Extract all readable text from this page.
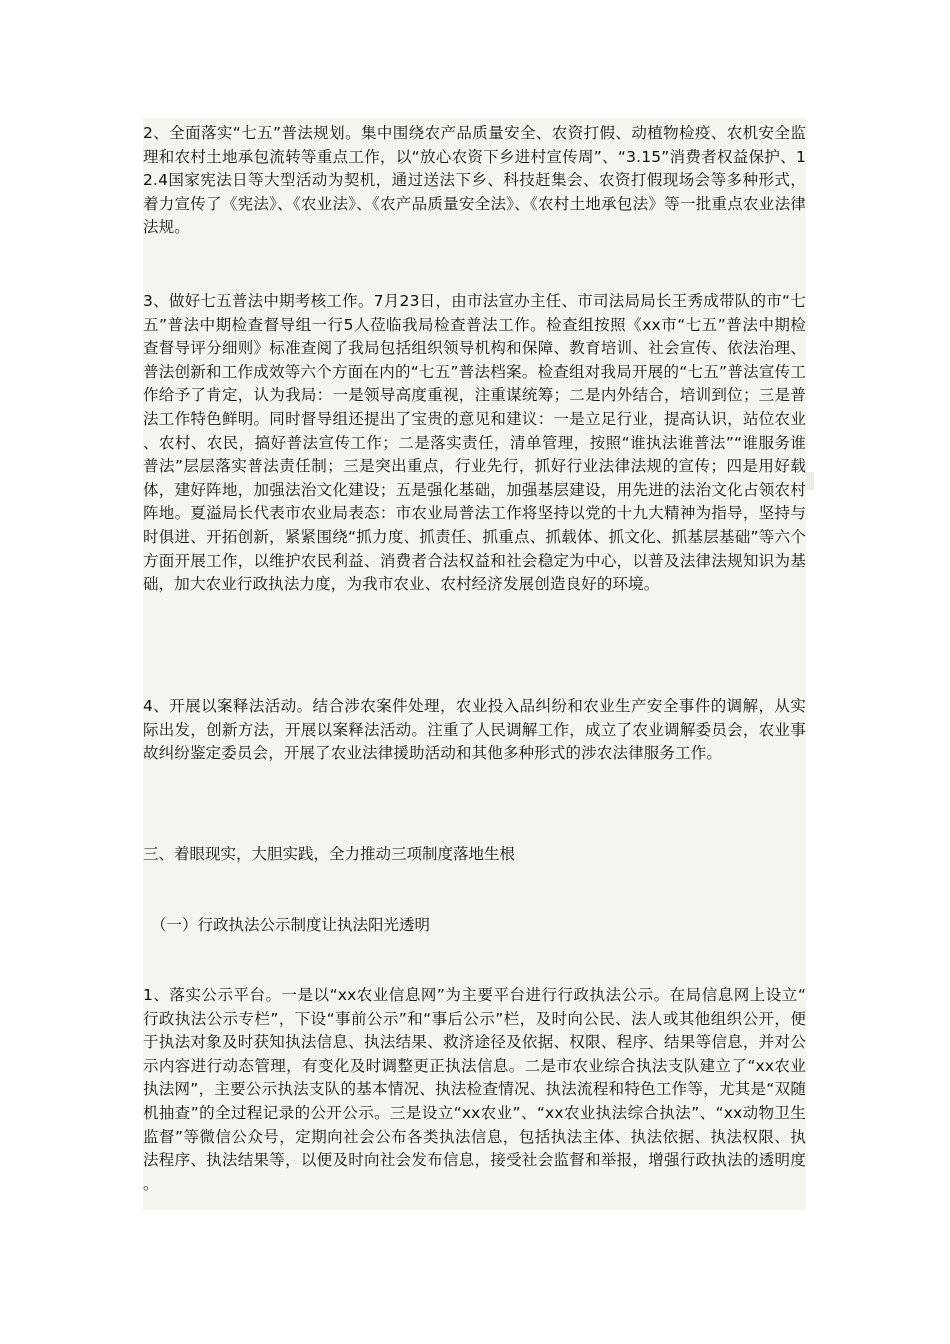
2、全面落实“七五”普法规划。集中围绕农产品质量安全、农资打假、动植物检疫、农机安全监理和农村土地承包流转等重点工作，以“放心农资下乡进村宣传周”、“3.15”消费者权益保护、12.4国家宪法日等大型活动为契机，通过送法下乡、科技赶集会、农资打假现场会等多种形式，着力宣传了《宪法》、《农业法》、《农产品质量安全法》、《农村土地承包法》等一批重点农业法律法规。

3、做好七五普法中期考核工作。7月23日，由市法宣办主任、市司法局局长王秀成带队的市“七五”普法中期检查督导组一行5人莅临我局检查普法工作。检查组按照《xx市“七五”普法中期检查督导评分细则》标准查阅了我局包括组织领导机构和保障、教育培训、社会宣传、依法治理、普法创新和工作成效等六个方面在内的“七五”普法档案。检查组对我局开展的“七五”普法宣传工作给予了肯定，认为我局：一是领导高度重视，注重谋统筹；二是内外结合，培训到位；三是普法工作特色鲜明。同时督导组还提出了宝贵的意见和建议：一是立足行业，提高认识，站位农业、农村、农民，搞好普法宣传工作；二是落实责任，清单管理，按照“谁执法谁普法”“谁服务谁普法”层层落实普法责任制；三是突出重点，行业先行，抓好行业法律法规的宣传；四是用好载体，建好阵地，加强法治文化建设；五是强化基础，加强基层建设，用先进的法治文化占领农村阵地。夏溢局长代表市农业局表态：市农业局普法工作将坚持以党的十九大精神为指导，坚持与时俱进、开拓创新，紧紧围绕“抓力度、抓责任、抓重点、抓载体、抓文化、抓基层基础”等六个方面开展工作，以维护农民利益、消费者合法权益和社会稳定为中心，以普及法律法规知识为基础，加大农业行政执法力度，为我市农业、农村经济发展创造良好的环境。

4、开展以案释法活动。结合涉农案件处理，农业投入品纠纷和农业生产安全事件的调解，从实际出发，创新方法，开展以案释法活动。注重了人民调解工作，成立了农业调解委员会，农业事故纠纷鉴定委员会，开展了农业法律援助活动和其他多种形式的涉农法律服务工作。

三、着眼现实，大胆实践，全力推动三项制度落地生根

（一）行政执法公示制度让执法阳光透明

1、落实公示平台。一是以“xx农业信息网”为主要平台进行行政执法公示。在局信息网上设立“行政执法公示专栏”，下设“事前公示”和“事后公示”栏，及时向公民、法人或其他组织公开，便于执法对象及时获知执法信息、执法结果、救济途径及依据、权限、程序、结果等信息，并对公示内容进行动态管理，有变化及时调整更正执法信息。二是市农业综合执法支队建立了“xx农业执法网”，主要公示执法支队的基本情况、执法检查情况、执法流程和特色工作等，尤其是“双随机抽查”的全过程记录的公开公示。三是设立“xx农业”、“xx农业执法综合执法”、“xx动物卫生监督”等微信公众号，定期向社会公布各类执法信息，包括执法主体、执法依据、执法权限、执法程序、执法结果等，以便及时向社会发布信息，接受社会监督和举报，增强行政执法的透明度。
